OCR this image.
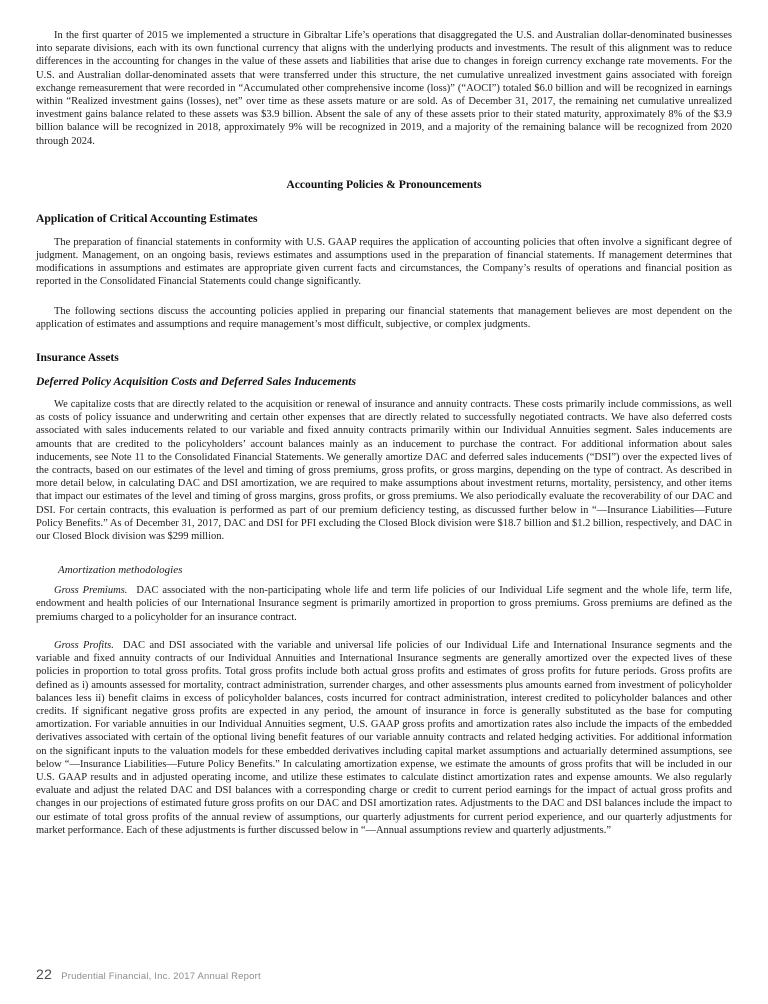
In the first quarter of 2015 we implemented a structure in Gibraltar Life’s operations that disaggregated the U.S. and Australian dollar-denominated businesses into separate divisions, each with its own functional currency that aligns with the underlying products and investments. The result of this alignment was to reduce differences in the accounting for changes in the value of these assets and liabilities that arise due to changes in foreign currency exchange rate movements. For the U.S. and Australian dollar-denominated assets that were transferred under this structure, the net cumulative unrealized investment gains associated with foreign exchange remeasurement that were recorded in “Accumulated other comprehensive income (loss)” (“AOCI”) totaled $6.0 billion and will be recognized in earnings within “Realized investment gains (losses), net” over time as these assets mature or are sold. As of December 31, 2017, the remaining net cumulative unrealized investment gains balance related to these assets was $3.9 billion. Absent the sale of any of these assets prior to their stated maturity, approximately 8% of the $3.9 billion balance will be recognized in 2018, approximately 9% will be recognized in 2019, and a majority of the remaining balance will be recognized from 2020 through 2024.

Accounting Policies & Pronouncements
Application of Critical Accounting Estimates

The preparation of financial statements in conformity with U.S. GAAP requires the application of accounting policies that often involve a significant degree of judgment. Management, on an ongoing basis, reviews estimates and assumptions used in the preparation of financial statements. If management determines that modifications in assumptions and estimates are appropriate given current facts and circumstances, the Company’s results of operations and financial position as reported in the Consolidated Financial Statements could change significantly.

The following sections discuss the accounting policies applied in preparing our financial statements that management believes are most dependent on the application of estimates and assumptions and require management’s most difficult, subjective, or complex judgments.

Insurance Assets
Deferred Policy Acquisition Costs and Deferred Sales Inducements

We capitalize costs that are directly related to the acquisition or renewal of insurance and annuity contracts. These costs primarily include commissions, as well as costs of policy issuance and underwriting and certain other expenses that are directly related to successfully negotiated contracts. We have also deferred costs associated with sales inducements related to our variable and fixed annuity contracts primarily within our Individual Annuities segment. Sales inducements are amounts that are credited to the policyholders’ account balances mainly as an inducement to purchase the contract. For additional information about sales inducements, see Note 11 to the Consolidated Financial Statements. We generally amortize DAC and deferred sales inducements (“DSI”) over the expected lives of the contracts, based on our estimates of the level and timing of gross premiums, gross profits, or gross margins, depending on the type of contract. As described in more detail below, in calculating DAC and DSI amortization, we are required to make assumptions about investment returns, mortality, persistency, and other items that impact our estimates of the level and timing of gross margins, gross profits, or gross premiums. We also periodically evaluate the recoverability of our DAC and DSI. For certain contracts, this evaluation is performed as part of our premium deficiency testing, as discussed further below in “—Insurance Liabilities—Future Policy Benefits.” As of December 31, 2017, DAC and DSI for PFI excluding the Closed Block division were $18.7 billion and $1.2 billion, respectively, and DAC in our Closed Block division was $299 million.

Amortization methodologies

Gross Premiums. DAC associated with the non-participating whole life and term life policies of our Individual Life segment and the whole life, term life, endowment and health policies of our International Insurance segment is primarily amortized in proportion to gross premiums. Gross premiums are defined as the premiums charged to a policyholder for an insurance contract.

Gross Profits. DAC and DSI associated with the variable and universal life policies of our Individual Life and International Insurance segments and the variable and fixed annuity contracts of our Individual Annuities and International Insurance segments are generally amortized over the expected lives of these policies in proportion to total gross profits. Total gross profits include both actual gross profits and estimates of gross profits for future periods. Gross profits are defined as i) amounts assessed for mortality, contract administration, surrender charges, and other assessments plus amounts earned from investment of policyholder balances less ii) benefit claims in excess of policyholder balances, costs incurred for contract administration, interest credited to policyholder balances and other credits. If significant negative gross profits are expected in any period, the amount of insurance in force is generally substituted as the base for computing amortization. For variable annuities in our Individual Annuities segment, U.S. GAAP gross profits and amortization rates also include the impacts of the embedded derivatives associated with certain of the optional living benefit features of our variable annuity contracts and related hedging activities. For additional information on the significant inputs to the valuation models for these embedded derivatives including capital market assumptions and actuarially determined assumptions, see below “—Insurance Liabilities—Future Policy Benefits.” In calculating amortization expense, we estimate the amounts of gross profits that will be included in our U.S. GAAP results and in adjusted operating income, and utilize these estimates to calculate distinct amortization rates and expense amounts. We also regularly evaluate and adjust the related DAC and DSI balances with a corresponding charge or credit to current period earnings for the impact of actual gross profits and changes in our projections of estimated future gross profits on our DAC and DSI amortization rates. Adjustments to the DAC and DSI balances include the impact to our estimate of total gross profits of the annual review of assumptions, our quarterly adjustments for current period experience, and our quarterly adjustments for market performance. Each of these adjustments is further discussed below in “—Annual assumptions review and quarterly adjustments.”

22 Prudential Financial, Inc. 2017 Annual Report
